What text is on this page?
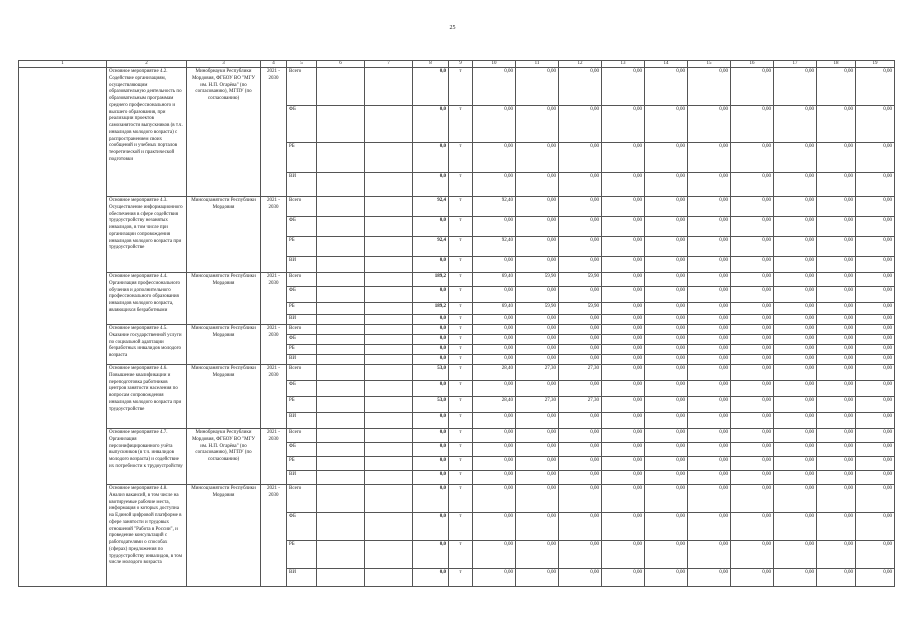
25
1	2	3	4	5	6	7	8	9	10	11	12	13	14	15	16	17	18	19
	Основное мероприятие 4.2. Содействие организациям, осуществляющим образовательную деятельность по образовательным программам среднего профессионального и высшего образования, при реализации проектов самозанятости выпускников (в т.ч. инвалидов молодого возраста) с распространением своих сообщений и учебных порталов теоретической и практической подготовки	Минобрнауки Республики Мордовия, ФГБОУ ВО "МГУ им. Н.П. Огарёва" (по согласованию), МГПУ (по согласованию)	2021 - 2030	Всего			0,0	т	0,00	0,00	0,00	0,00	0,00	0,00	0,00	0,00	0,00	0,00
				ФБ			0,0	т	0,00	0,00	0,00	0,00	0,00	0,00	0,00	0,00	0,00	0,00
				РБ			0,0	т	0,00	0,00	0,00	0,00	0,00	0,00	0,00	0,00	0,00	0,00
				ВИ			0,0	т	0,00	0,00	0,00	0,00	0,00	0,00	0,00	0,00	0,00	0,00
	Основное мероприятие 4.3. Осуществление информационного обеспечения в сфере содействия трудоустройству незанятых инвалидов, в том числе при организации сопровождения инвалидов молодого возраста при трудоустройстве	Минсоцзанятости Республики Мордовия	2021 - 2030	Всего			92,4	т	92,40	0,00	0,00	0,00	0,00	0,00	0,00	0,00	0,00	0,00
				ФБ			0,0	т	0,00	0,00	0,00	0,00	0,00	0,00	0,00	0,00	0,00	0,00
				РБ			92,4	т	92,40	0,00	0,00	0,00	0,00	0,00	0,00	0,00	0,00	0,00
				ВИ			0,0	т	0,00	0,00	0,00	0,00	0,00	0,00	0,00	0,00	0,00	0,00
	Основное мероприятие 4.4. Организация профессионального обучения и дополнительного профессионального образования инвалидов молодого возраста, являющихся безработными	Минсоцзанятости Республики Мордовия	2021 - 2030	Всего			189,2	т	69,40	59,90	59,90	0,00	0,00	0,00	0,00	0,00	0,00	0,00
				ФБ			0,0	т	0,00	0,00	0,00	0,00	0,00	0,00	0,00	0,00	0,00	0,00
				РБ			189,2	т	69,40	59,90	59,90	0,00	0,00	0,00	0,00	0,00	0,00	0,00
				ВИ			0,0	т	0,00	0,00	0,00	0,00	0,00	0,00	0,00	0,00	0,00	0,00
	Основное мероприятие 4.5. Оказание государственной услуги по социальной адаптации безработных инвалидов молодого возраста	Минсоцзанятости Республики Мордовия	2021 - 2030	Всего			0,0	т	0,00	0,00	0,00	0,00	0,00	0,00	0,00	0,00	0,00	0,00
				ФБ			0,0	т	0,00	0,00	0,00	0,00	0,00	0,00	0,00	0,00	0,00	0,00
				РБ			0,0	т	0,00	0,00	0,00	0,00	0,00	0,00	0,00	0,00	0,00	0,00
				ВИ			0,0	т	0,00	0,00	0,00	0,00	0,00	0,00	0,00	0,00	0,00	0,00
	Основное мероприятие 4.6. Повышение квалификации и переподготовка работников центров занятости населения по вопросам сопровождения инвалидов молодого возраста при трудоустройстве	Минсоцзанятости Республики Мордовия	2021 - 2030	Всего			53,0	т	28,40	27,30	27,30	0,00	0,00	0,00	0,00	0,00	0,00	0,00
				ФБ			0,0	т	0,00	0,00	0,00	0,00	0,00	0,00	0,00	0,00	0,00	0,00
				РБ			53,0	т	28,40	27,30	27,30	0,00	0,00	0,00	0,00	0,00	0,00	0,00
				ВИ			0,0	т	0,00	0,00	0,00	0,00	0,00	0,00	0,00	0,00	0,00	0,00
	Основное мероприятие 4.7. Организация персонифицированного учёта выпускников (в т.ч. инвалидов молодого возраста) и содействие их потребности к трудоустройству	Минобрнауки Республики Мордовия, ФГБОУ ВО "МГУ им. Н.П. Огарёва" (по согласованию), МГПУ (по согласованию)	2021 - 2030	Всего			0,0	т	0,00	0,00	0,00	0,00	0,00	0,00	0,00	0,00	0,00	0,00
				ФБ			0,0	т	0,00	0,00	0,00	0,00	0,00	0,00	0,00	0,00	0,00	0,00
				РБ			0,0	т	0,00	0,00	0,00	0,00	0,00	0,00	0,00	0,00	0,00	0,00
				ВИ			0,0	т	0,00	0,00	0,00	0,00	0,00	0,00	0,00	0,00	0,00	0,00
	Основное мероприятие 4.8. Анализ вакансий, в том числе на квотируемые рабочие места, информация о которых доступна на Единой цифровой платформе в сфере занятости и трудовых отношений "Работа в России", и проведение консультаций с работодателями о способах (сферах) предложения по трудоустройству инвалидов, в том числе молодого возраста	Минсоцзанятости Республики Мордовия	2021 - 2030	Всего			0,0	т	0,00	0,00	0,00	0,00	0,00	0,00	0,00	0,00	0,00	0,00
				ФБ			0,0	т	0,00	0,00	0,00	0,00	0,00	0,00	0,00	0,00	0,00	0,00
				РБ			0,0	т	0,00	0,00	0,00	0,00	0,00	0,00	0,00	0,00	0,00	0,00
				ВИ			0,0	т	0,00	0,00	0,00	0,00	0,00	0,00	0,00	0,00	0,00	0,00
